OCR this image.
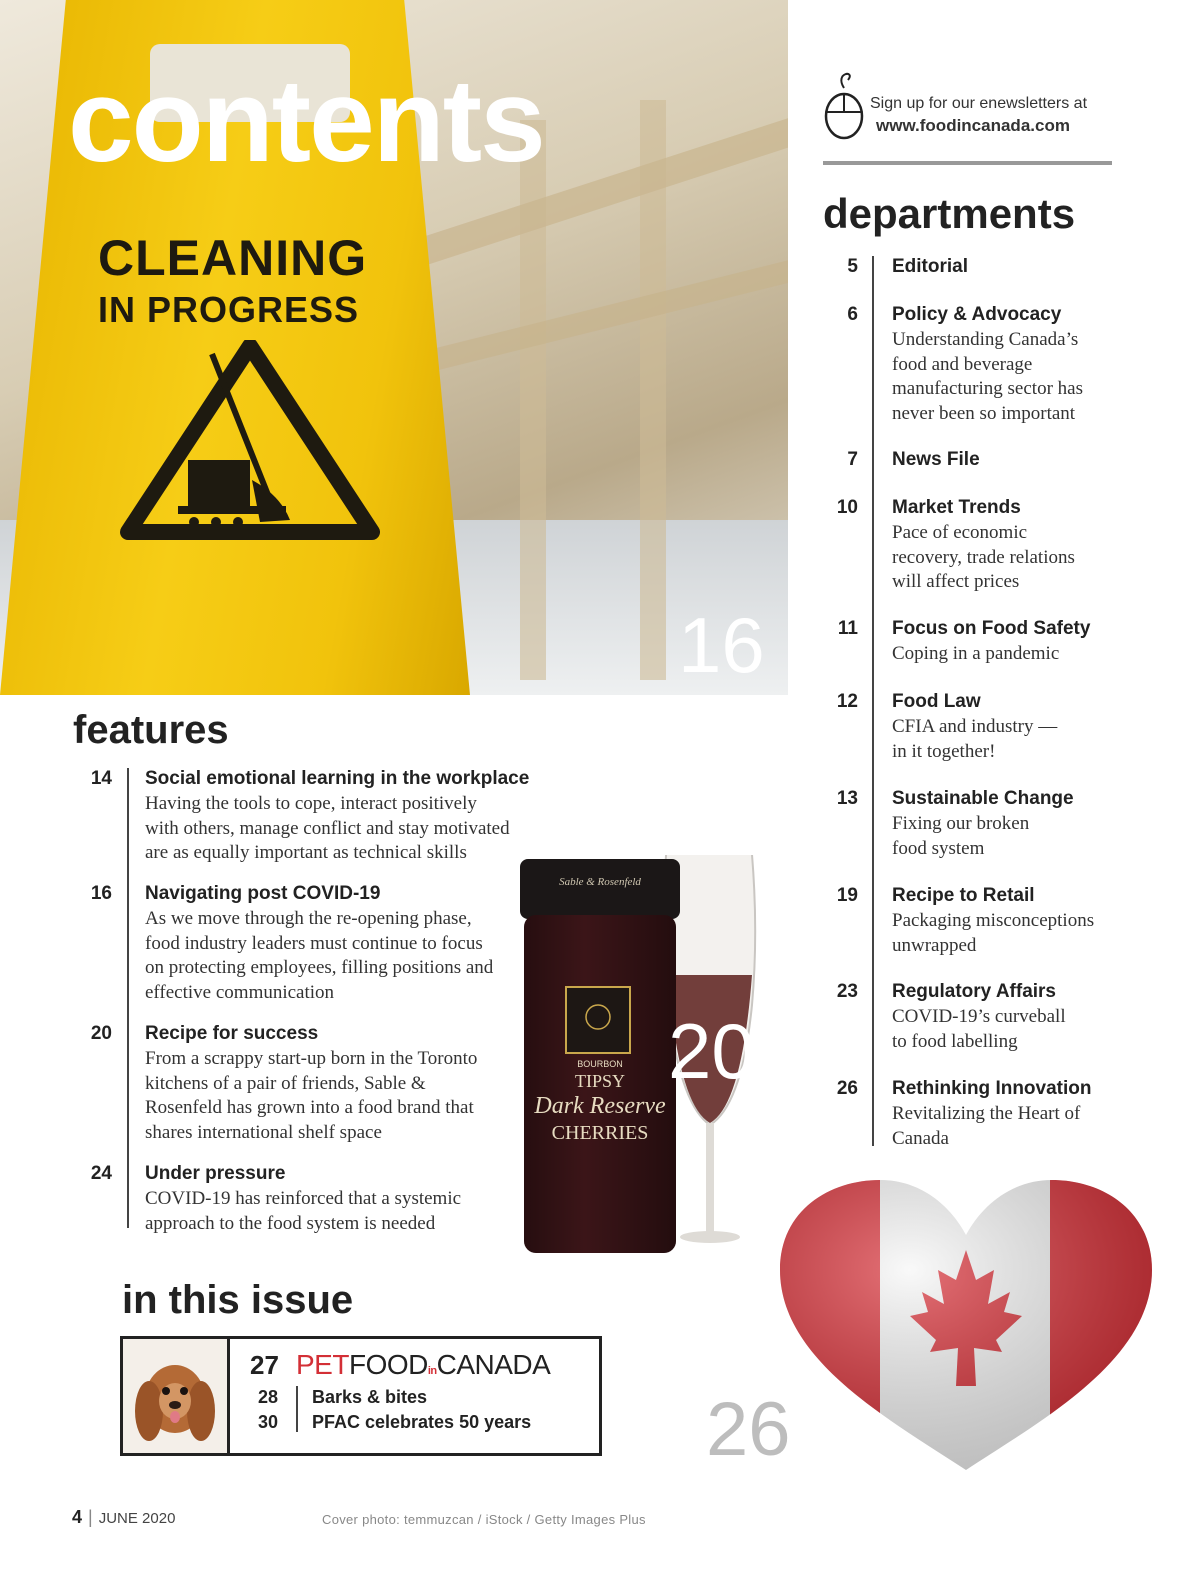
CLEANING
IN PROGRESS
contents
16
Sign up for our enewsletters at
www.foodincanada.com
departments
5 Editorial
6 Policy & Advocacy
Understanding Canada’s food and beverage manufacturing sector has never been so important
7 News File
10 Market Trends
Pace of economic recovery, trade relations will affect prices
11 Focus on Food Safety
Coping in a pandemic
12 Food Law
CFIA and industry — in it together!
13 Sustainable Change
Fixing our broken food system
19 Recipe to Retail
Packaging misconceptions unwrapped
23 Regulatory Affairs
COVID-19’s curveball to food labelling
26 Rethinking Innovation
Revitalizing the Heart of Canada
features
14 Social emotional learning in the workplace
Having the tools to cope, interact positively with others, manage conflict and stay motivated are as equally important as technical skills
16 Navigating post COVID-19
As we move through the re-opening phase, food industry leaders must continue to focus on protecting employees, filling positions and effective communication
20 Recipe for success
From a scrappy start-up born in the Toronto kitchens of a pair of friends, Sable & Rosenfeld has grown into a food brand that shares international shelf space
24 Under pressure
COVID-19 has reinforced that a systemic approach to the food system is needed
Sable & Rosenfeld
BOURBON
TIPSY
Dark Reserve
CHERRIES
20
in this issue
27 PETFOODinCANADA
28 Barks & bites
30 PFAC celebrates 50 years 26
4 | JUNE 2020	Cover photo: temmuzcan / iStock / Getty Images Plus
